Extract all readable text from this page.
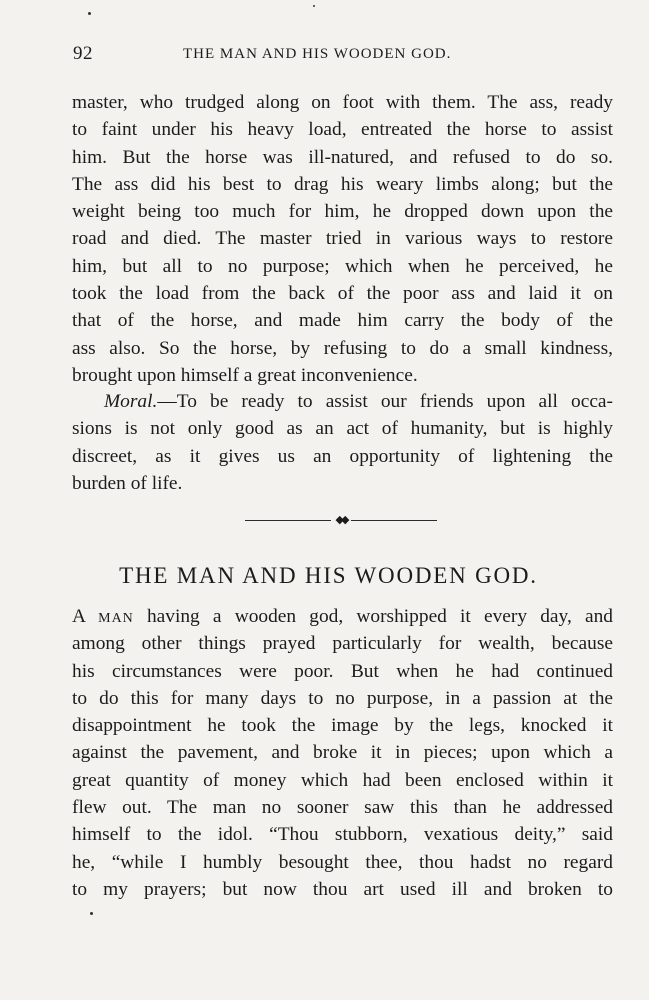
92	THE MAN AND HIS WOODEN GOD.
master, who trudged along on foot with them. The ass, ready
to faint under his heavy load, entreated the horse to assist
him. But the horse was ill-natured, and refused to do so.
The ass did his best to drag his weary limbs along; but the
weight being too much for him, he dropped down upon the
road and died. The master tried in various ways to restore
him, but all to no purpose; which when he perceived, he
took the load from the back of the poor ass and laid it on
that of the horse, and made him carry the body of the
ass also. So the horse, by refusing to do a small kindness,
brought upon himself a great inconvenience.
Moral.—To be ready to assist our friends upon all occa-
sions is not only good as an act of humanity, but is highly
discreet, as it gives us an opportunity of lightening the
burden of life.
◆◆
THE MAN AND HIS WOODEN GOD.
A MAN having a wooden god, worshipped it every day, and
among other things prayed particularly for wealth, because
his circumstances were poor. But when he had continued
to do this for many days to no purpose, in a passion at the
disappointment he took the image by the legs, knocked it
against the pavement, and broke it in pieces; upon which a
great quantity of money which had been enclosed within it
flew out. The man no sooner saw this than he addressed
himself to the idol. “Thou stubborn, vexatious deity,” said
he, “while I humbly besought thee, thou hadst no regard
to my prayers; but now thou art used ill and broken to
